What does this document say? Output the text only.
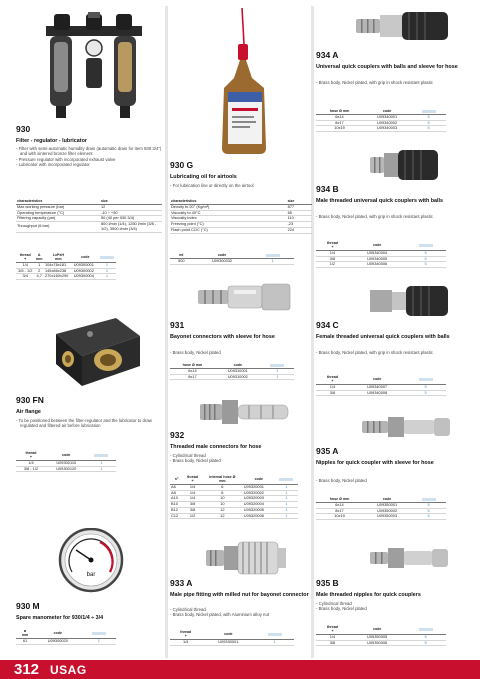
930
Filter - regulator - lubricator
- Filter with semi-automatic humidity drain (automatic drain for item 930 3/4") and with sintered bronze filter element
- Pressure regulator with incorporated exhaust valve
- Lubricator with incorporated regulator
characteristics	size
Max working pressure (bar)	12
Operating temperature (°C)	-10 ÷ +50
Filtering capacity (µm)	50 (40 per 930 3/4)
Throughput (6 bar)	800 l/min (1/4), 1250 l/min (3/8 - 1/2), 3500 l/min (3/4)
thread
+	A
mm	LxPxH
mm	code	
1/4	1	104x78x181	U09300001	1
3/8 - 1/2	2	145x86x238	U09300002	1
3/4	4,7	270x160x290	U09300004	1
930 FN
Air flange
- To be positioned between the filter-regulator and the lubricator to draw regulated and filtered air before lubrication
thread
+	code	
1/4	U09300110	1
3/8 - 1/2	U09300120	1
bar
930 M
Spare manometer for 930/1/4 ÷ 3/4
ø
mm	code	
61	U09300020	1
930 G
Lubricating oil for airtools
- For lubrication line or directly on the airtool
characteristics	size
Density to 20° (Kg/m³)	877
Viscosity to 40°C	65
Viscosity index	110
Freezing point (°C)	-23
Flash point COC (°C)	224
ml	code	
500	U09300032	1
931
Bayonet connectors with sleeve for hose
- Brass body, Nickel plated
hose Ø mm	code	
6x14	U09310001	1
8x17	U09310002	1
932
Threaded male connectors for hose
- Cylindrical thread
- Brass body, Nickel plated
n°	thread
+	internal hose Ø
mm	code	
A6	1/4	6	U09320001	1
A8	1/4	8	U09320002	1
A10	1/4	10	U09320003	1
B10	3/8	10	U09320004	1
B12	3/8	12	U09320005	1
C12	1/2	12	U09320006	1
933 A
Male pipe fitting with milled nut for bayonet connector
- Cylindrical thread
- Brass body, Nickel plated, with Aluminium alloy nut
thread
+	code	
1/4	U09330001	1
934 A
Universal quick couplers with balls and sleeve for hose
- Brass body, Nickel plated, with grip in shock resistant plastic
hose Ø mm	code	
6x14	U09340001	5
8x17	U09340002	5
10x19	U09340003	5
934 B
Male threaded universal quick couplers with balls
- Brass body, Nickel plated, with grip in shock resistant plastic
thread
+	code	
1/4	U09340004	5
3/8	U09340005	5
1/2	U09340006	5
934 C
Female threaded universal quick couplers with balls
- Brass body, Nickel plated, with grip in shock resistant plastic
thread
+	code	
1/4	U09340007	5
3/8	U09340008	5
935 A
Nipples for quick coupler with sleeve for hose
- Brass body, Nickel plated
hose Ø mm	code	
6x14	U09350001	5
8x17	U09350002	5
10x19	U09350003	5
935 B
Male threaded nipples for quick couplers
- Cylindrical thread
- Brass body, Nickel plated
thread
+	code	
1/4	U09350005	5
3/8	U09350006	5
312 USAG
